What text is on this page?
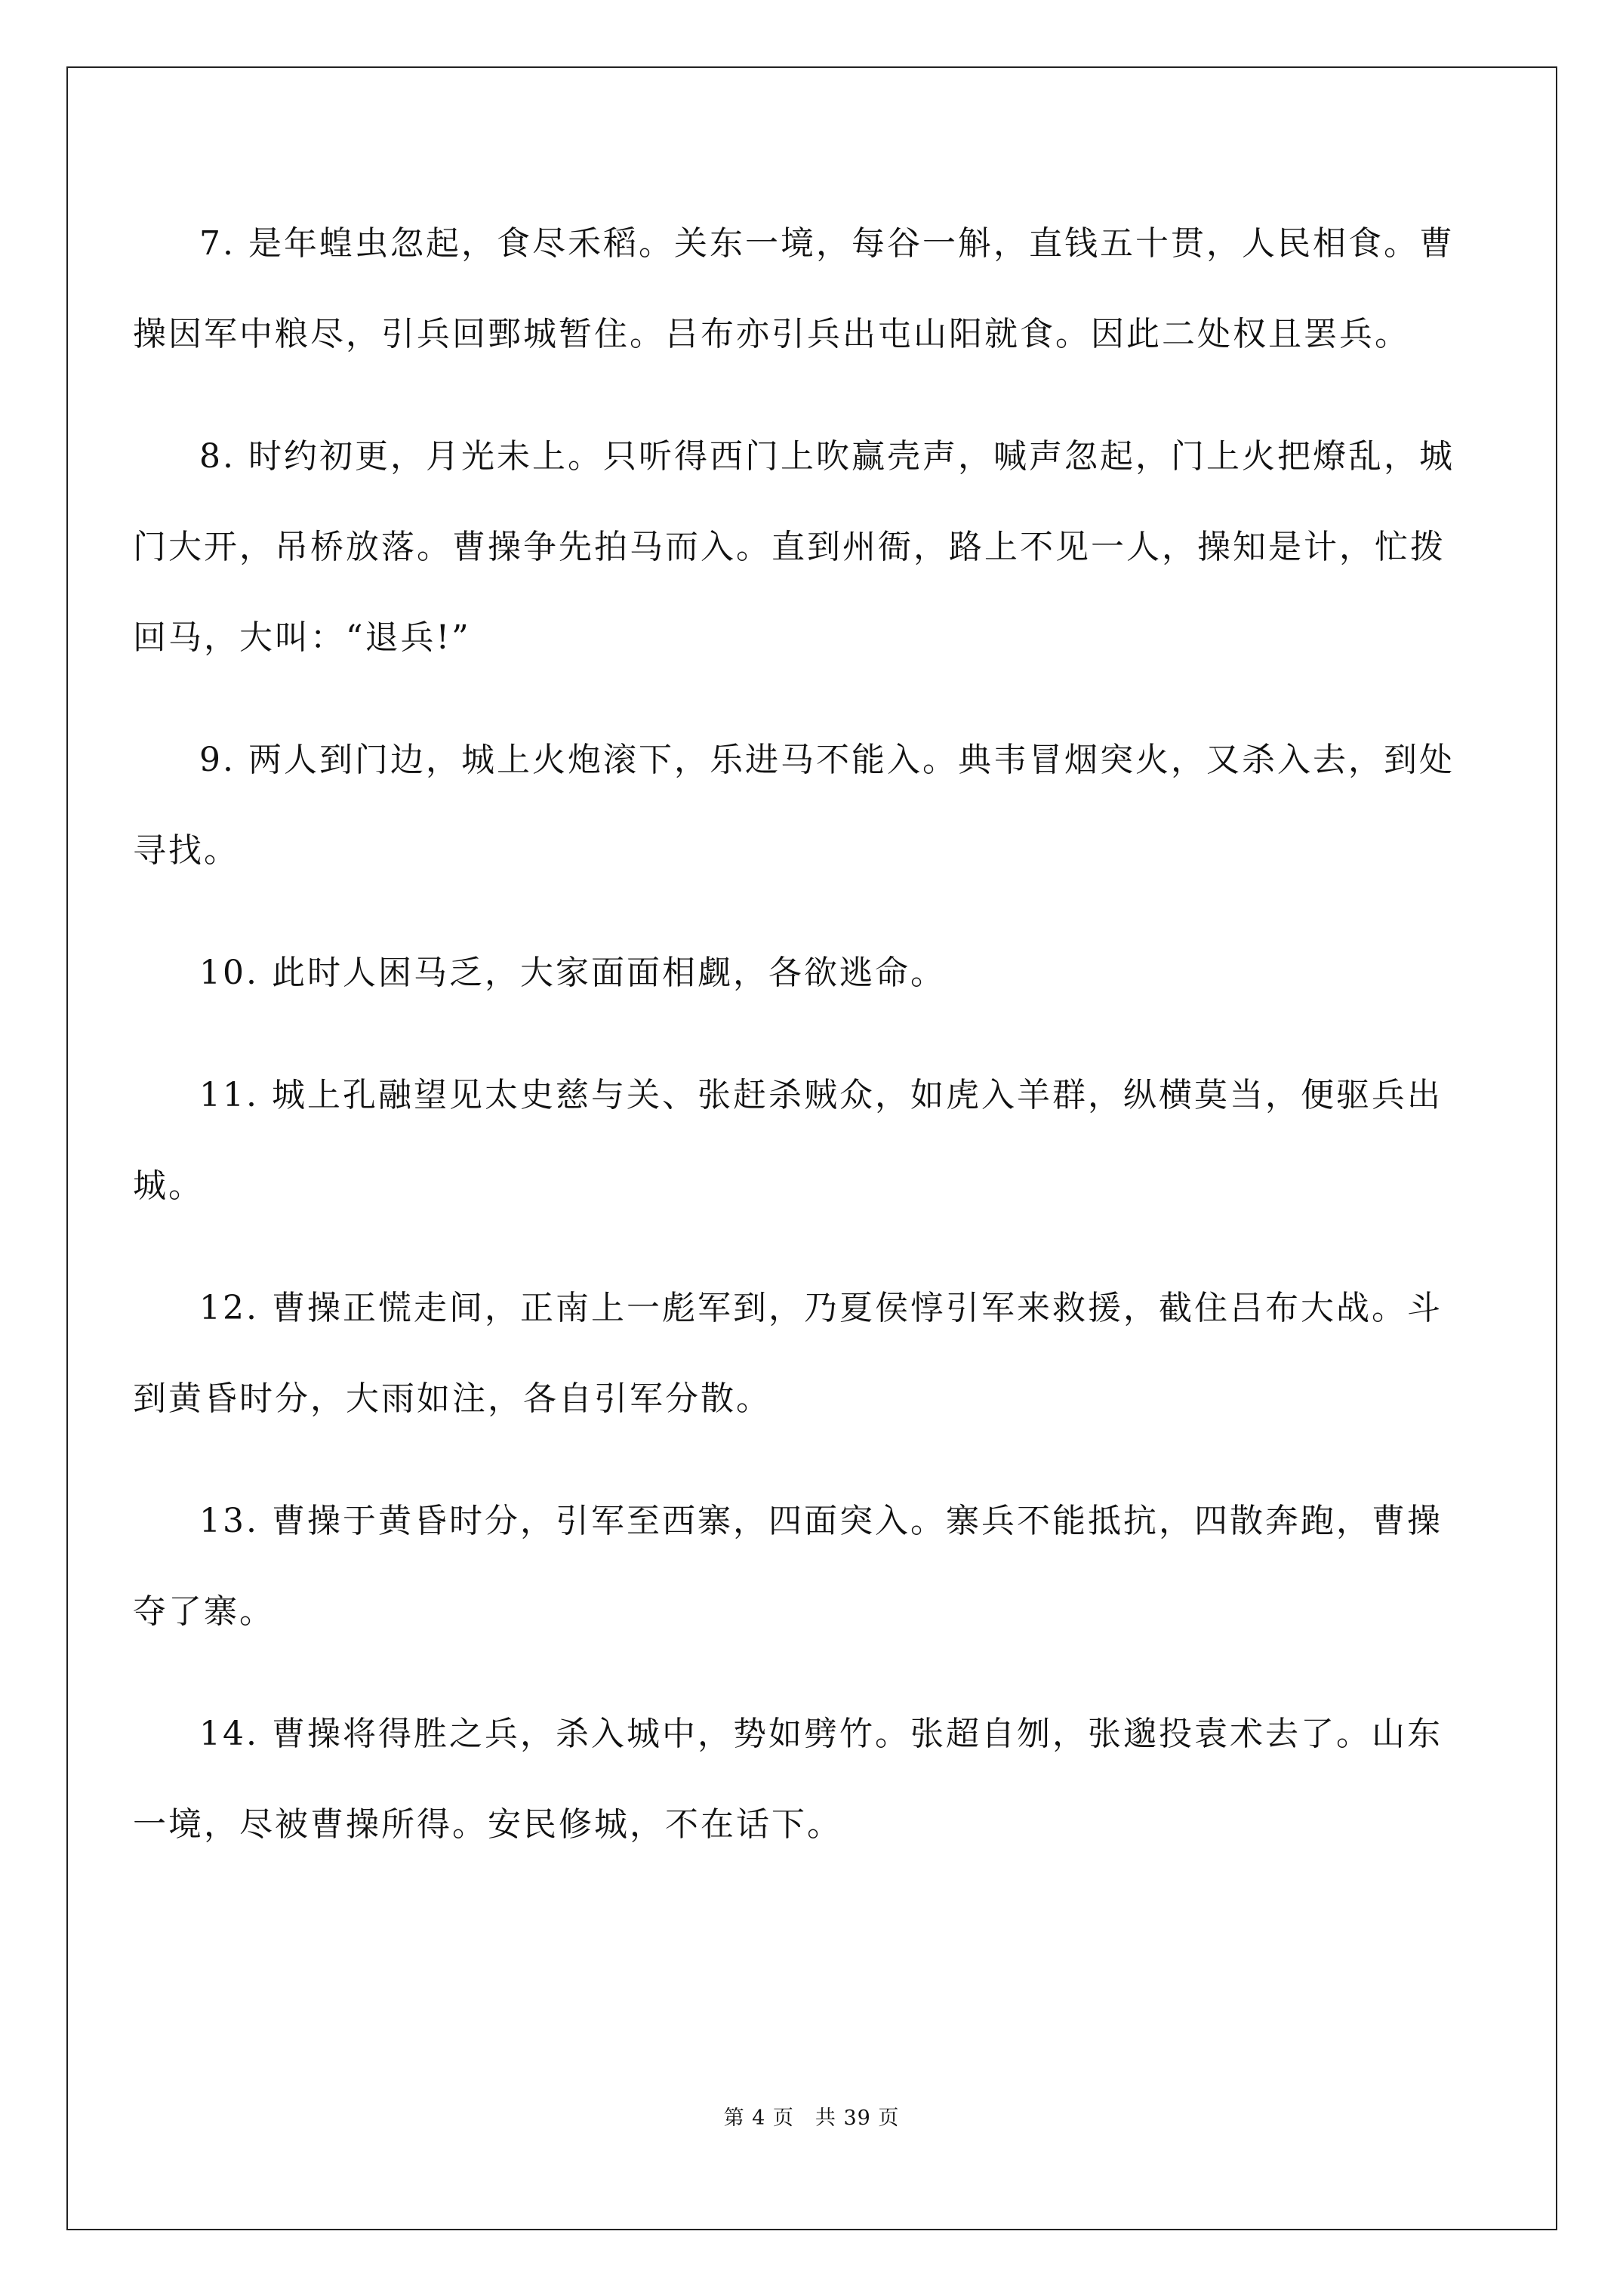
7. 是年蝗虫忽起，食尽禾稻。关东一境，每谷一斛，直钱五十贯，人民相食。曹操因军中粮尽，引兵回鄄城暂住。吕布亦引兵出屯山阳就食。因此二处权且罢兵。

8. 时约初更，月光未上。只听得西门上吹赢壳声，喊声忽起，门上火把燎乱，城门大开，吊桥放落。曹操争先拍马而入。直到州衙，路上不见一人，操知是计，忙拨回马，大叫：“退兵!”

9. 两人到门边，城上火炮滚下，乐进马不能入。典韦冒烟突火，又杀入去，到处寻找。

10. 此时人困马乏，大家面面相觑，各欲逃命。

11. 城上孔融望见太史慈与关、张赶杀贼众，如虎入羊群，纵横莫当，便驱兵出城。

12. 曹操正慌走间，正南上一彪军到，乃夏侯惇引军来救援，截住吕布大战。斗到黄昏时分，大雨如注，各自引军分散。

13. 曹操于黄昏时分，引军至西寨，四面突入。寨兵不能抵抗，四散奔跑，曹操夺了寨。

14. 曹操将得胜之兵，杀入城中，势如劈竹。张超自刎，张邈投袁术去了。山东一境，尽被曹操所得。安民修城，不在话下。

第 4 页 共 39 页
